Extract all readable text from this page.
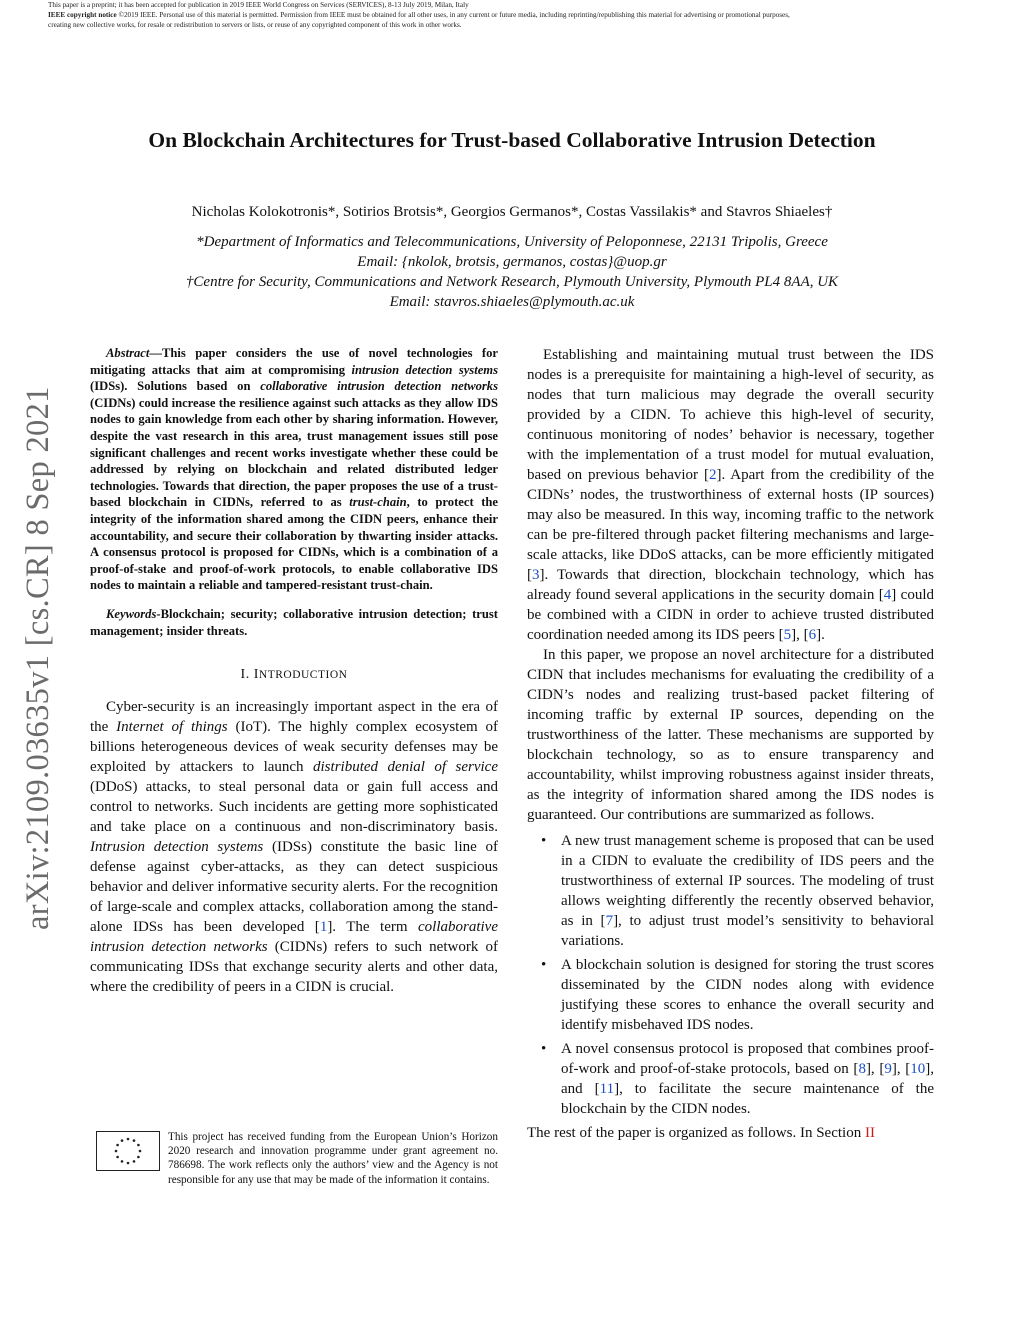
This paper is a preprint; it has been accepted for publication in 2019 IEEE World Congress on Services (SERVICES), 8-13 July 2019, Milan, Italy
IEEE copyright notice ©2019 IEEE. Personal use of this material is permitted. Permission from IEEE must be obtained for all other uses, in any current or future media, including reprinting/republishing this material for advertising or promotional purposes,
creating new collective works, for resale or redistribution to servers or lists, or reuse of any copyrighted component of this work in other works.
On Blockchain Architectures for Trust-based Collaborative Intrusion Detection
Nicholas Kolokotronis*, Sotirios Brotsis*, Georgios Germanos*, Costas Vassilakis* and Stavros Shiaeles†
*Department of Informatics and Telecommunications, University of Peloponnese, 22131 Tripolis, Greece
Email: {nkolok, brotsis, germanos, costas}@uop.gr
†Centre for Security, Communications and Network Research, Plymouth University, Plymouth PL4 8AA, UK
Email: stavros.shiaeles@plymouth.ac.uk
arXiv:2109.03635v1 [cs.CR] 8 Sep 2021

Abstract—This paper considers the use of novel technologies for mitigating attacks that aim at compromising intrusion detection systems (IDSs). Solutions based on collaborative intrusion detection networks (CIDNs) could increase the resilience against such attacks as they allow IDS nodes to gain knowledge from each other by sharing information. However, despite the vast research in this area, trust management issues still pose significant challenges and recent works investigate whether these could be addressed by relying on blockchain and related distributed ledger technologies. Towards that direction, the paper proposes the use of a trust-based blockchain in CIDNs, referred to as trust-chain, to protect the integrity of the information shared among the CIDN peers, enhance their accountability, and secure their collaboration by thwarting insider attacks. A consensus protocol is proposed for CIDNs, which is a combination of a proof-of-stake and proof-of-work protocols, to enable collaborative IDS nodes to maintain a reliable and tampered-resistant trust-chain.

Keywords-Blockchain; security; collaborative intrusion detection; trust management; insider threats.

I. INTRODUCTION

Cyber-security is an increasingly important aspect in the era of the Internet of things (IoT). The highly complex ecosystem of billions heterogeneous devices of weak security defenses may be exploited by attackers to launch distributed denial of service (DDoS) attacks, to steal personal data or gain full access and control to networks. Such incidents are getting more sophisticated and take place on a continuous and non-discriminatory basis. Intrusion detection systems (IDSs) constitute the basic line of defense against cyber-attacks, as they can detect suspicious behavior and deliver informative security alerts. For the recognition of large-scale and complex attacks, collaboration among the stand-alone IDSs has been developed [1]. The term collaborative intrusion detection networks (CIDNs) refers to such network of communicating IDSs that exchange security alerts and other data, where the credibility of peers in a CIDN is crucial.

This project has received funding from the European Union’s Horizon 2020 research and innovation programme under grant agreement no. 786698. The work reflects only the authors’ view and the Agency is not responsible for any use that may be made of the information it contains.

Establishing and maintaining mutual trust between the IDS nodes is a prerequisite for maintaining a high-level of security, as nodes that turn malicious may degrade the overall security provided by a CIDN. To achieve this high-level of security, continuous monitoring of nodes’ behavior is necessary, together with the implementation of a trust model for mutual evaluation, based on previous behavior [2]. Apart from the credibility of the CIDNs’ nodes, the trustworthiness of external hosts (IP sources) may also be measured. In this way, incoming traffic to the network can be pre-filtered through packet filtering mechanisms and large-scale attacks, like DDoS attacks, can be more efficiently mitigated [3]. Towards that direction, blockchain technology, which has already found several applications in the security domain [4] could be combined with a CIDN in order to achieve trusted distributed coordination needed among its IDS peers [5], [6].

In this paper, we propose an novel architecture for a distributed CIDN that includes mechanisms for evaluating the credibility of a CIDN’s nodes and realizing trust-based packet filtering of incoming traffic by external IP sources, depending on the trustworthiness of the latter. These mechanisms are supported by blockchain technology, so as to ensure transparency and accountability, whilst improving robustness against insider threats, as the integrity of information shared among the IDS nodes is guaranteed. Our contributions are summarized as follows.

• A new trust management scheme is proposed that can be used in a CIDN to evaluate the credibility of IDS peers and the trustworthiness of external IP sources. The modeling of trust allows weighting differently the recently observed behavior, as in [7], to adjust trust model’s sensitivity to behavioral variations.
• A blockchain solution is designed for storing the trust scores disseminated by the CIDN nodes along with evidence justifying these scores to enhance the overall security and identify misbehaved IDS nodes.
• A novel consensus protocol is proposed that combines proof-of-work and proof-of-stake protocols, based on [8], [9], [10], and [11], to facilitate the secure maintenance of the blockchain by the CIDN nodes.

The rest of the paper is organized as follows. In Section II
